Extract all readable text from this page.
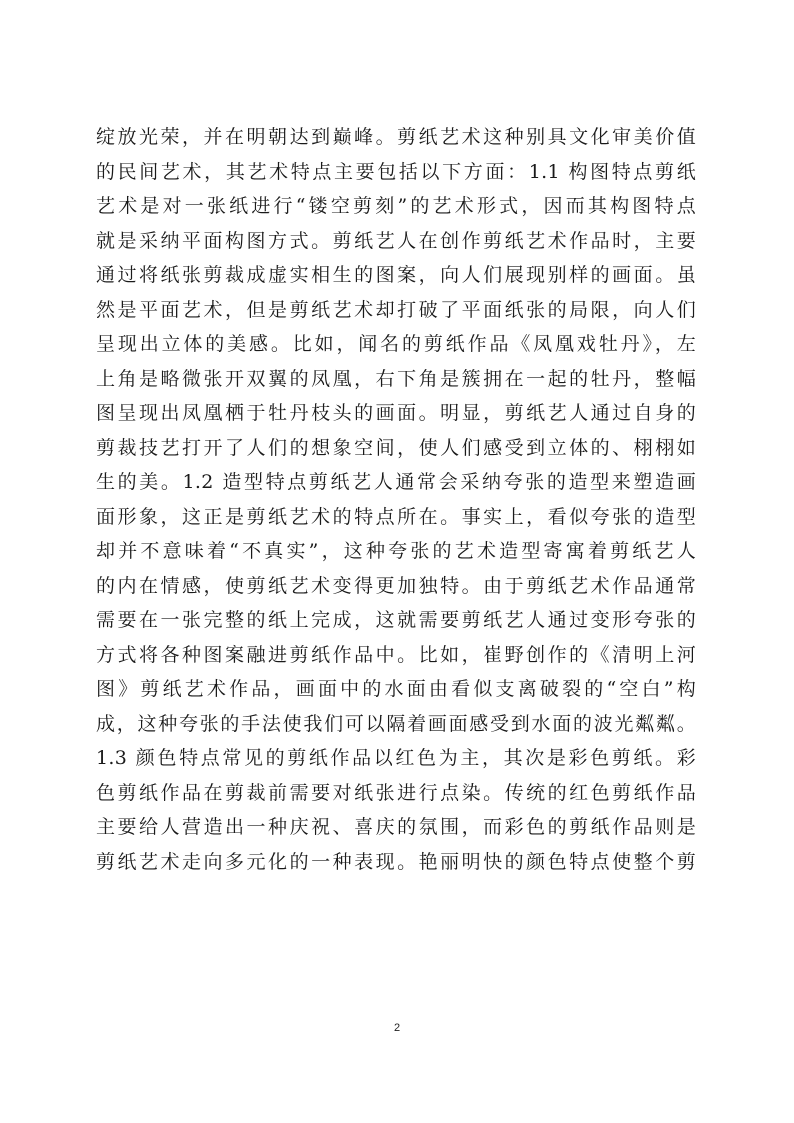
绽放光荣，并在明朝达到巅峰。剪纸艺术这种别具文化审美价值
的民间艺术，其艺术特点主要包括以下方面：1.1 构图特点剪纸
艺术是对一张纸进行“镂空剪刻”的艺术形式，因而其构图特点
就是采纳平面构图方式。剪纸艺人在创作剪纸艺术作品时，主要
通过将纸张剪裁成虚实相生的图案，向人们展现别样的画面。虽
然是平面艺术，但是剪纸艺术却打破了平面纸张的局限，向人们
呈现出立体的美感。比如，闻名的剪纸作品《凤凰戏牡丹》，左
上角是略微张开双翼的凤凰，右下角是簇拥在一起的牡丹，整幅
图呈现出凤凰栖于牡丹枝头的画面。明显，剪纸艺人通过自身的
剪裁技艺打开了人们的想象空间，使人们感受到立体的、栩栩如
生的美。1.2 造型特点剪纸艺人通常会采纳夸张的造型来塑造画
面形象，这正是剪纸艺术的特点所在。事实上，看似夸张的造型
却并不意味着“不真实”，这种夸张的艺术造型寄寓着剪纸艺人
的内在情感，使剪纸艺术变得更加独特。由于剪纸艺术作品通常
需要在一张完整的纸上完成，这就需要剪纸艺人通过变形夸张的
方式将各种图案融进剪纸作品中。比如，崔野创作的《清明上河
图》剪纸艺术作品，画面中的水面由看似支离破裂的“空白”构
成，这种夸张的手法使我们可以隔着画面感受到水面的波光粼粼。
1.3 颜色特点常见的剪纸作品以红色为主，其次是彩色剪纸。彩
色剪纸作品在剪裁前需要对纸张进行点染。传统的红色剪纸作品
主要给人营造出一种庆祝、喜庆的氛围，而彩色的剪纸作品则是
剪纸艺术走向多元化的一种表现。艳丽明快的颜色特点使整个剪
2
